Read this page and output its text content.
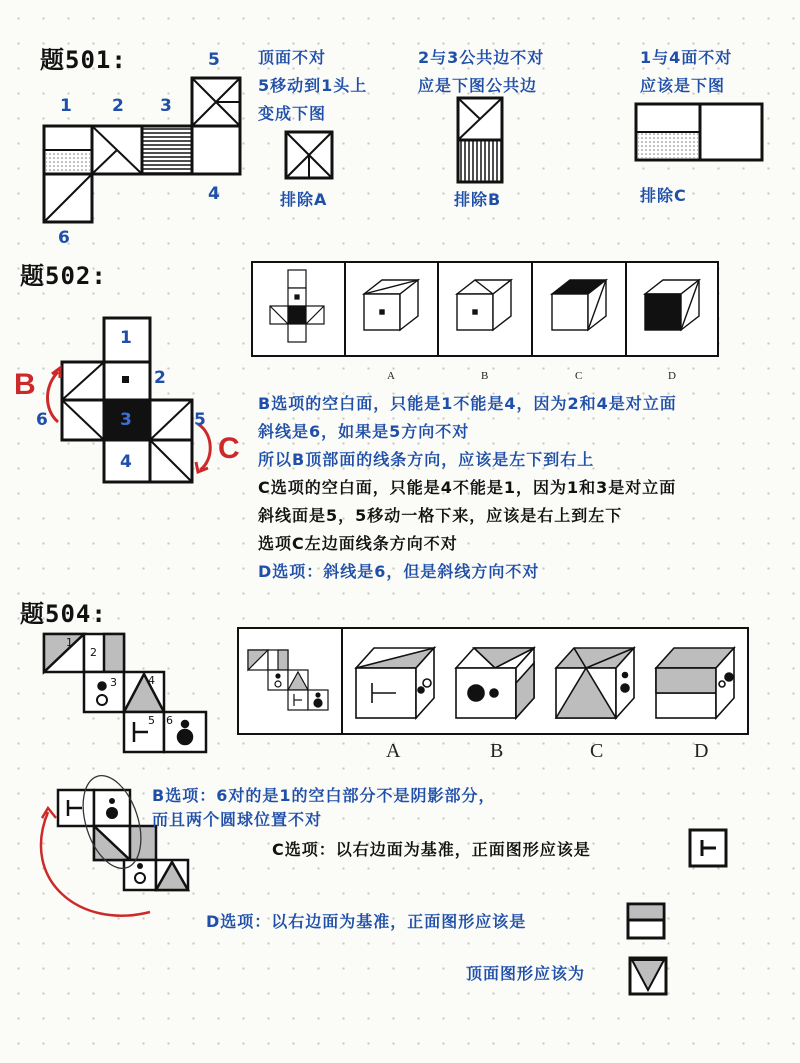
题501:
1 2 3
5
4
6
顶面不对
5移动到1头上
变成下图
排除A
2与3公共边不对
应是下图公共边
排除B
1与4面不对
应该是下图
排除C
题502:
1
2
3
4
5
6
B
C
A	B	C	D
B选项的空白面，只能是1不能是4，因为2和4是对立面
斜线是6，如果是5方向不对
所以B顶部面的线条方向，应该是左下到右上
C选项的空白面，只能是4不能是1，因为1和3是对立面
斜线面是5，5移动一格下来，应该是右上到左下
选项C左边面线条方向不对
D选项：斜线是6，但是斜线方向不对
题504:
1
2
3	4
5 6
A	B	C	D
B选项：6对的是1的空白部分不是阴影部分，
而且两个圆球位置不对
C选项：以右边面为基准，正面图形应该是
D选项：以右边面为基准，正面图形应该是
顶面图形应该为
